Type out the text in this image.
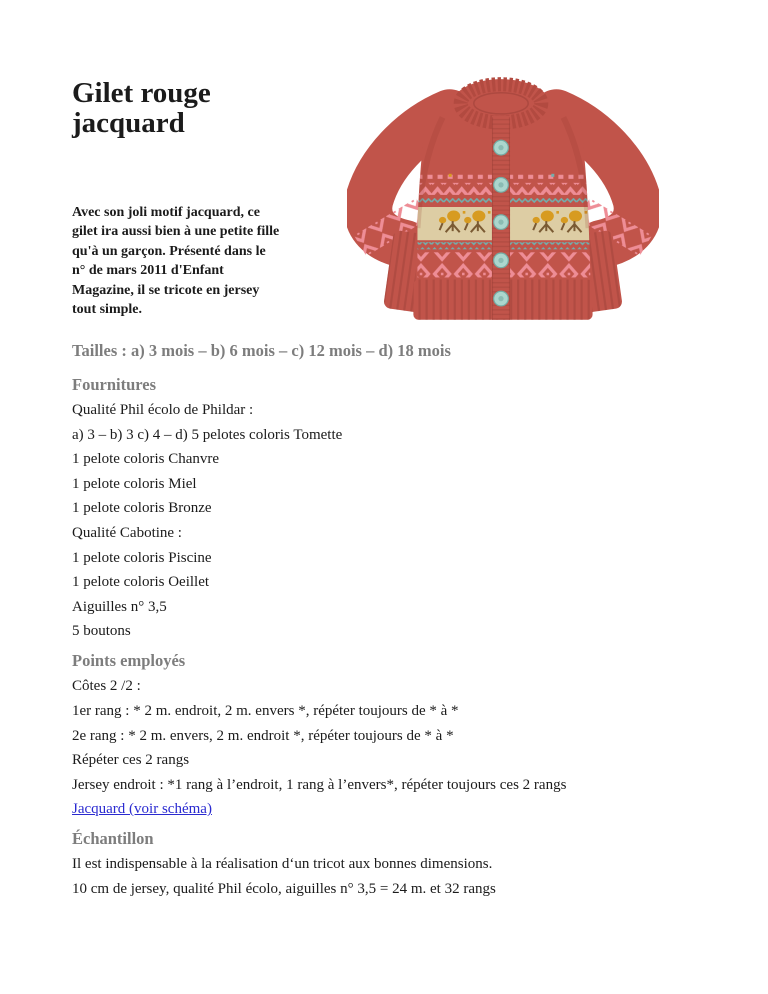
Gilet rouge
jacquard

Avec son joli motif jacquard, ce
gilet ira aussi bien à une petite fille
qu'à un garçon. Présenté dans le
n° de mars 2011 d'Enfant
Magazine, il se tricote en jersey
tout simple.

Tailles : a) 3 mois – b) 6 mois – c) 12 mois – d) 18 mois

Fournitures

Qualité Phil écolo de Phildar :

a) 3 – b) 3 c) 4 – d) 5 pelotes coloris Tomette

1 pelote coloris Chanvre

1 pelote coloris Miel

1 pelote coloris Bronze

Qualité Cabotine :

1 pelote coloris Piscine

1 pelote coloris Oeillet

Aiguilles n° 3,5

5 boutons

Points employés

Côtes 2 /2 :

1er rang : * 2 m. endroit, 2 m. envers *, répéter toujours de * à *

2e rang : * 2 m. envers, 2 m. endroit *, répéter toujours de * à *

Répéter ces 2 rangs

Jersey endroit : *1 rang à l’endroit, 1 rang à l’envers*, répéter toujours ces 2 rangs

Jacquard (voir schéma)

Échantillon

Il est indispensable à la réalisation d‘un tricot aux bonnes dimensions.

10 cm de jersey, qualité Phil écolo, aiguilles n° 3,5 = 24 m. et 32 rangs
